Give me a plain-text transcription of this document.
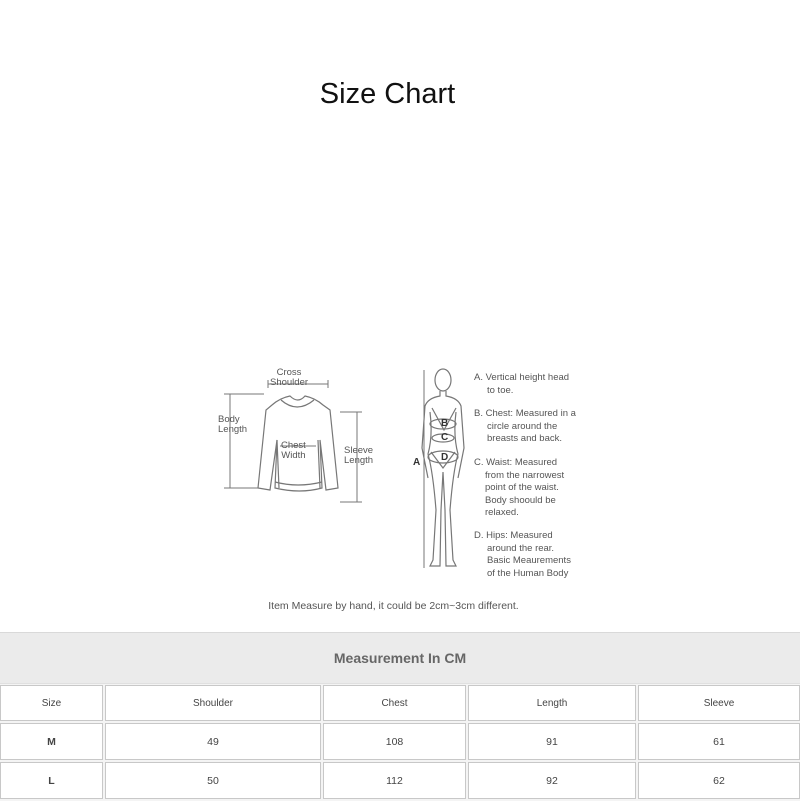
Size Chart
Cross
Shoulder
Body
Length
Chest
Width	Sleeve
Length	A
B
C
D
A. Vertical height head
to toe.
B. Chest: Measured in a
circle around the
breasts and back.
C. Waist: Measured
from the narrowest
point of the waist.
Body shoould be
relaxed.
D. Hips: Measured
around the rear.
Basic Meaurements
of the Human Body
Item Measure by hand, it could be 2cm~3cm different.
Measurement In CM
Size	Shoulder	Chest	Length	Sleeve
M	49	108	91	61
L	50	112	92	62
